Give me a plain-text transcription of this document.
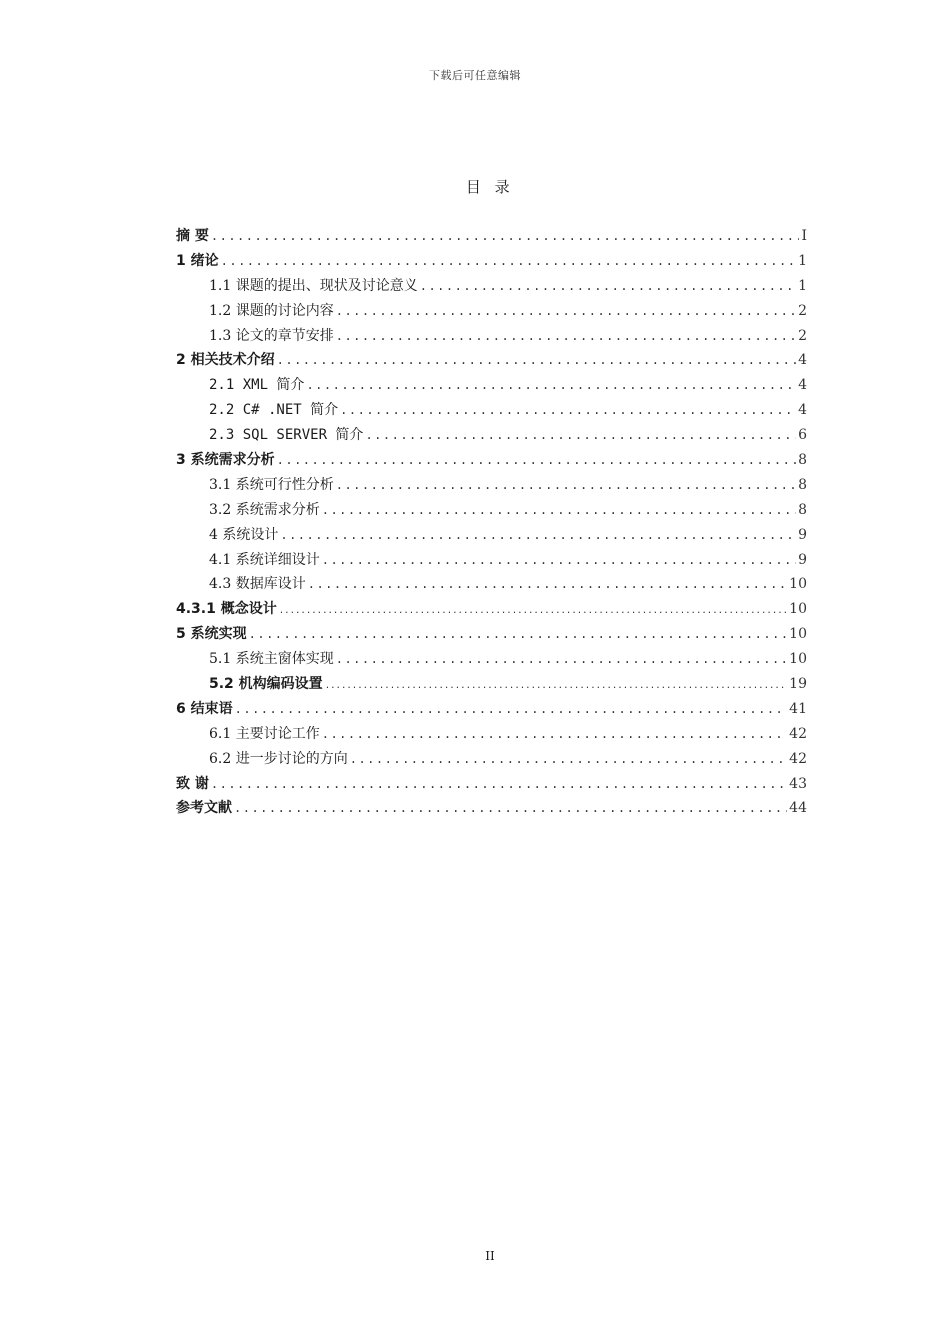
下载后可任意编辑
目 录
摘 要 .....	I
1 绪论 .....	1
1.1 课题的提出、现状及讨论意义 .....	1
1.2 课题的讨论内容 .....	2
1.3 论文的章节安排 .....	2
2 相关技术介绍 .....	4
2.1 XML 简介 .....	4
2.2 C# .NET 简介 .....	4
2.3 SQL SERVER 简介 .....	6
3 系统需求分析 .....	8
3.1 系统可行性分析 .....	8
3.2 系统需求分析 .....	8
4 系统设计 .....	9
4.1 系统详细设计 .....	9
4.3 数据库设计 .....	10
4.3.1 概念设计 .....	10
5 系统实现 .....	10
5.1 系统主窗体实现 .....	10
5.2 机构编码设置 .....	19
6 结束语 .....	41
6.1 主要讨论工作 .....	42
6.2 进一步讨论的方向 .....	42
致 谢 .....	43
参考文献 .....	44
II
